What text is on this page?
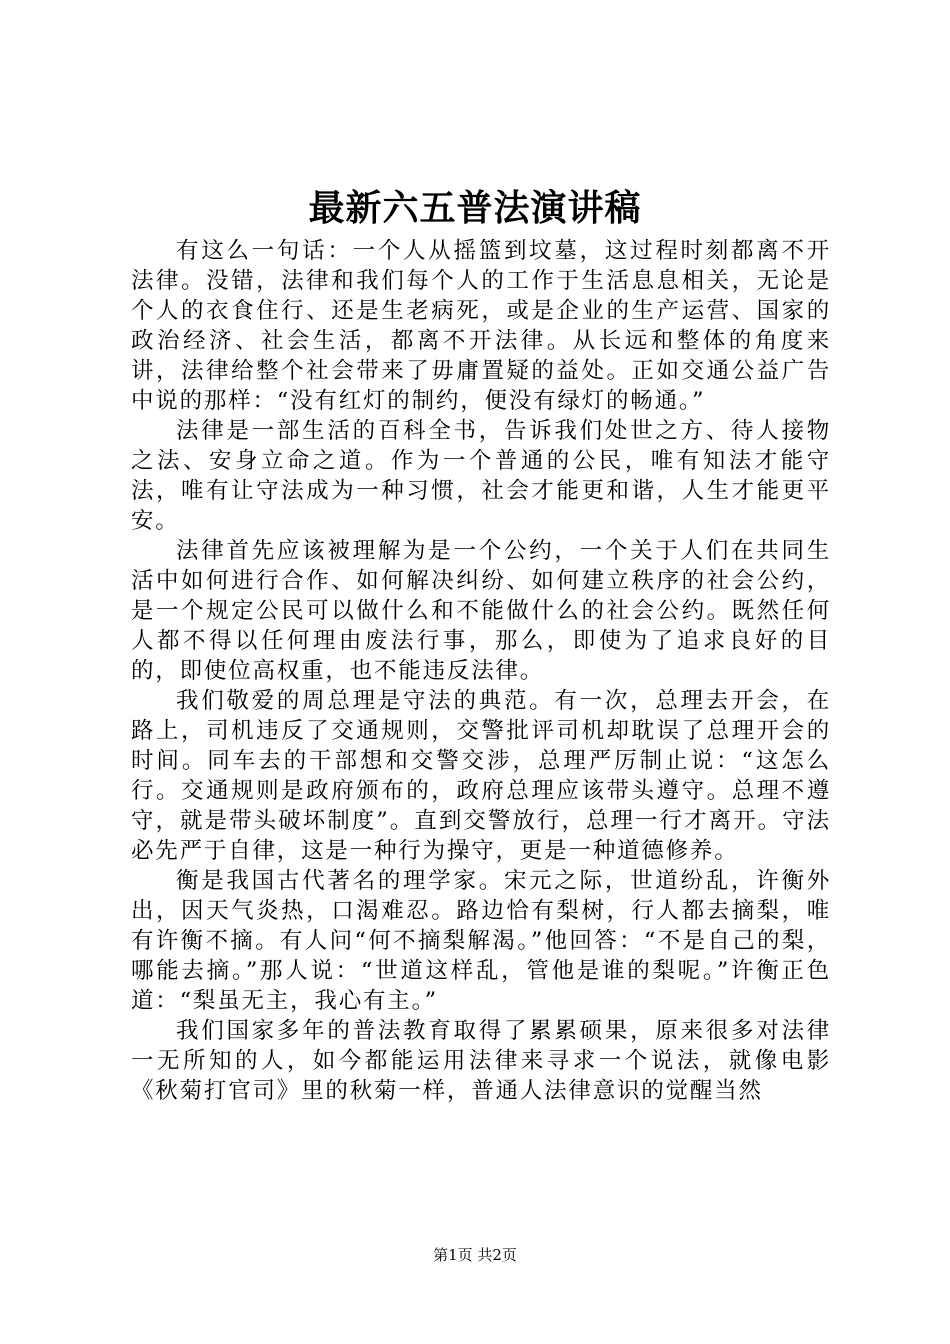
最新六五普法演讲稿

有这么一句话：一个人从摇篮到坟墓，这过程时刻都离不开法律。没错，法律和我们每个人的工作于生活息息相关，无论是个人的衣食住行、还是生老病死，或是企业的生产运营、国家的政治经济、社会生活，都离不开法律。从长远和整体的角度来讲，法律给整个社会带来了毋庸置疑的益处。正如交通公益广告中说的那样：“没有红灯的制约，便没有绿灯的畅通。”

法律是一部生活的百科全书，告诉我们处世之方、待人接物之法、安身立命之道。作为一个普通的公民，唯有知法才能守法，唯有让守法成为一种习惯，社会才能更和谐，人生才能更平安。

法律首先应该被理解为是一个公约，一个关于人们在共同生活中如何进行合作、如何解决纠纷、如何建立秩序的社会公约，是一个规定公民可以做什么和不能做什么的社会公约。既然任何人都不得以任何理由废法行事，那么，即使为了追求良好的目的，即使位高权重，也不能违反法律。

我们敬爱的周总理是守法的典范。有一次，总理去开会，在路上，司机违反了交通规则，交警批评司机却耽误了总理开会的时间。同车去的干部想和交警交涉，总理严厉制止说：“这怎么行。交通规则是政府颁布的，政府总理应该带头遵守。总理不遵守，就是带头破坏制度”。直到交警放行，总理一行才离开。守法必先严于自律，这是一种行为操守，更是一种道德修养。

衡是我国古代著名的理学家。宋元之际，世道纷乱，许衡外出，因天气炎热，口渴难忍。路边恰有梨树，行人都去摘梨，唯有许衡不摘。有人问“何不摘梨解渴。”他回答：“不是自己的梨，哪能去摘。”那人说：“世道这样乱，管他是谁的梨呢。”许衡正色道：“梨虽无主，我心有主。”

我们国家多年的普法教育取得了累累硕果，原来很多对法律一无所知的人，如今都能运用法律来寻求一个说法，就像电影《秋菊打官司》里的秋菊一样，普通人法律意识的觉醒当然

第1页 共2页
